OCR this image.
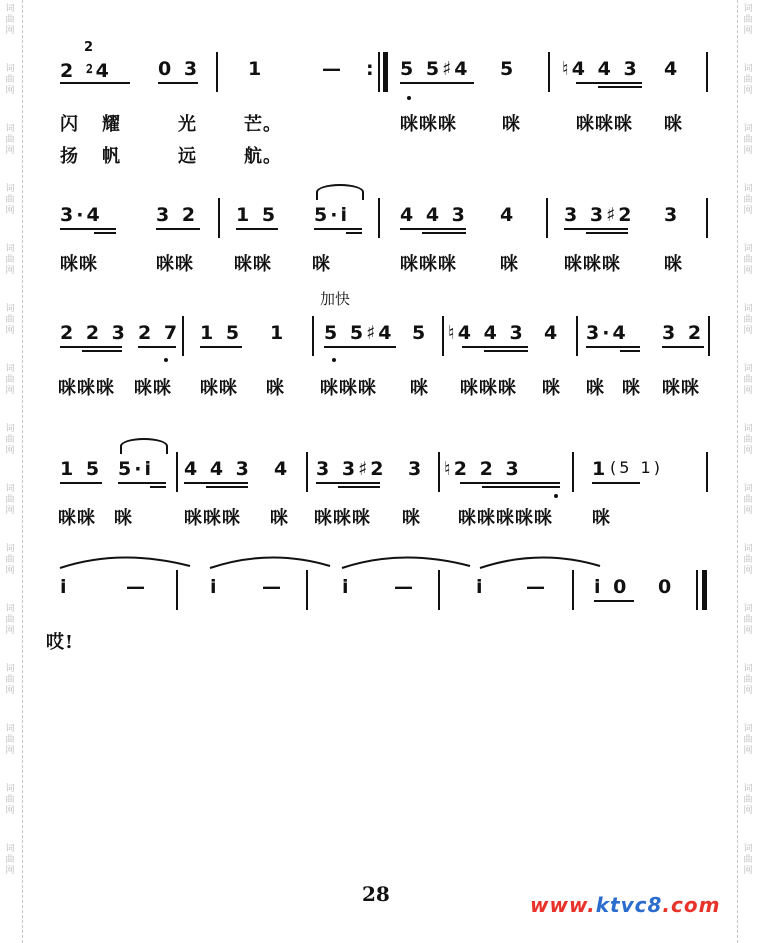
词
曲
网
词
曲
网
词
曲
网
词
曲
网
词
曲
网
词
曲
网
词
曲
网
词
曲
网
词
曲
网
词
曲
网
词
曲
网
词
曲
网
词
曲
网
词
曲
网
词
曲
网
词
曲
网
词
曲
网
词
曲
网
词
曲
网
词
曲
网
词
曲
网
词
曲
网
词
曲
网
词
曲
网
词
曲
网
词
曲
网
词
曲
网
词
曲
网
词
曲
网
词
曲
网
2
2 ⁲4 0 3	1	— : 5 5♯4 5 ♮4 4 3 4
闪 耀	光	芒。	咪咪咪	咪	咪咪咪 咪
扬 帆	远	航。
3·4	3 2 1 5 5·i	4 4 3 4	3 3♯2 3
咪咪	咪咪 咪咪 咪	咪咪咪 咪	咪咪咪 咪
加快
2 2 3 2 7 1 5 1 5 5♯4 5 ♮4 4 3 4 3·4 3 2
咪咪咪 咪咪 咪咪 咪 咪咪咪 咪 咪咪咪 咪 咪 咪 咪咪
1 5 5·i 4 4 3 4 3 3♯2 3 ♮2 2 3	1 (5 1)
咪咪 咪	咪咪咪 咪 咪咪咪 咪 咪咪咪咪咪 咪
i	—	i —	i —	i — i 0 0
哎!
28	www.ktvc8.com
